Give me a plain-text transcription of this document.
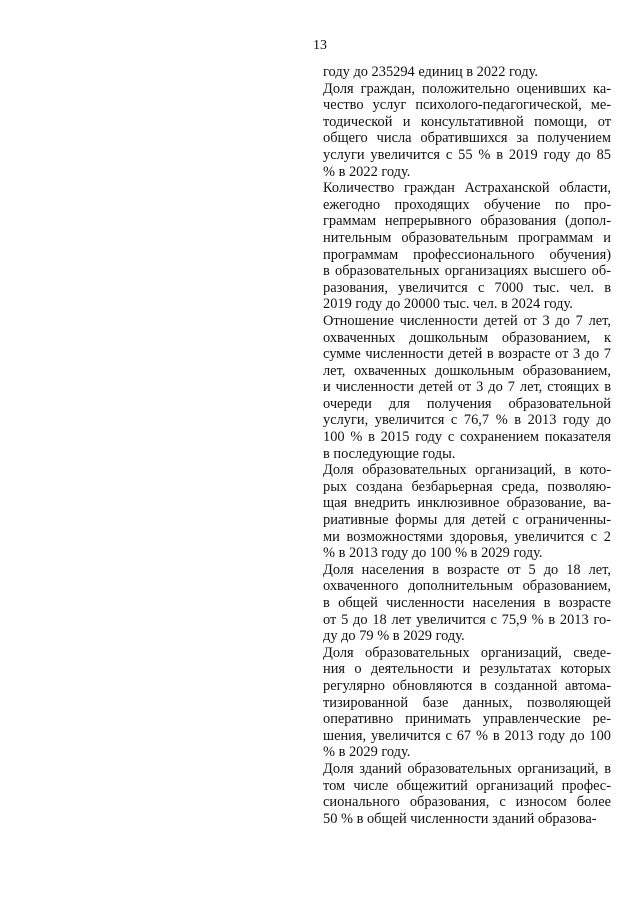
13
году до 235294 единиц в 2022 году.
Доля граждан, положительно оценивших ка-
чество услуг психолого-педагогической, ме-
тодической и консультативной помощи, от
общего числа обратившихся за получением
услуги увеличится с 55 % в 2019 году до 85
% в 2022 году.
Количество граждан Астраханской области,
ежегодно проходящих обучение по про-
граммам непрерывного образования (допол-
нительным образовательным программам и
программам профессионального обучения)
в образовательных организациях высшего об-
разования, увеличится с 7000 тыс. чел. в
2019 году до 20000 тыс. чел. в 2024 году.
Отношение численности детей от 3 до 7 лет,
охваченных дошкольным образованием, к
сумме численности детей в возрасте от 3 до 7
лет, охваченных дошкольным образованием,
и численности детей от 3 до 7 лет, стоящих в
очереди для получения образовательной
услуги, увеличится с 76,7 % в 2013 году до
100 % в 2015 году с сохранением показателя
в последующие годы.
Доля образовательных организаций, в кото-
рых создана безбарьерная среда, позволяю-
щая внедрить инклюзивное образование, ва-
риативные формы для детей с ограниченны-
ми возможностями здоровья, увеличится с 2
% в 2013 году до 100 % в 2029 году.
Доля населения в возрасте от 5 до 18 лет,
охваченного дополнительным образованием,
в общей численности населения в возрасте
от 5 до 18 лет увеличится с 75,9 % в 2013 го-
ду до 79 % в 2029 году.
Доля образовательных организаций, сведе-
ния о деятельности и результатах которых
регулярно обновляются в созданной автома-
тизированной базе данных, позволяющей
оперативно принимать управленческие ре-
шения, увеличится с 67 % в 2013 году до 100
% в 2029 году.
Доля зданий образовательных организаций, в
том числе общежитий организаций профес-
сионального образования, с износом более
50 % в общей численности зданий образова-
